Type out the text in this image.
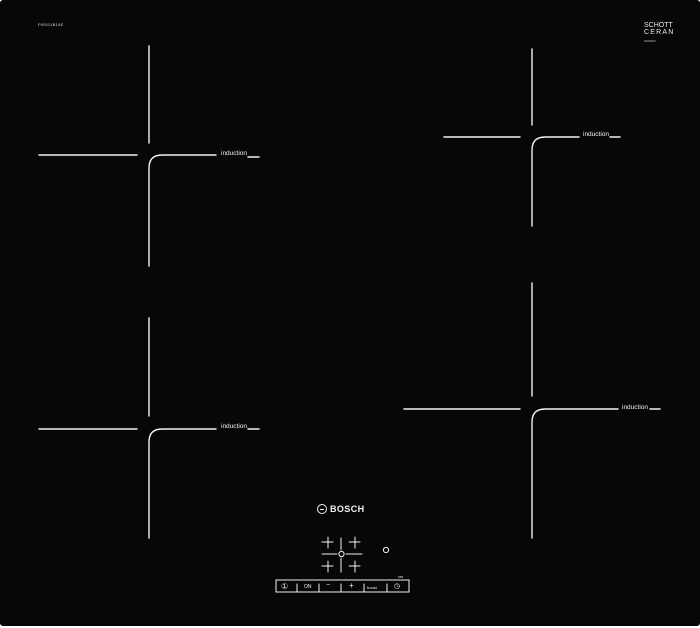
PIE611B15E	SCHOTT
CERAN
6000000
induction
induction
induction
induction
BOSCH
xxx
①	ON − +	boost ◷
